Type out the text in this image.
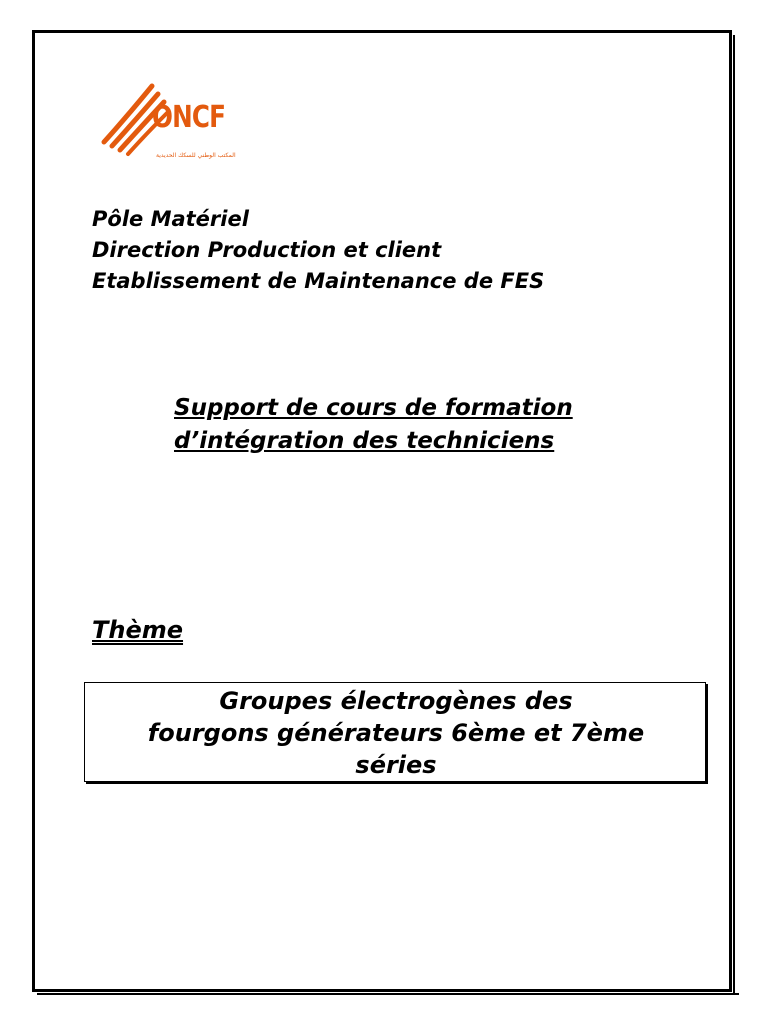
ONCF
المكتب الوطني للسكك الحديدية
Pôle Matériel
Direction Production et client
Etablissement de Maintenance de FES
Support de cours de formation
d’intégration des techniciens
Thème
Groupes électrogènes des
fourgons générateurs 6ème et 7ème
séries
